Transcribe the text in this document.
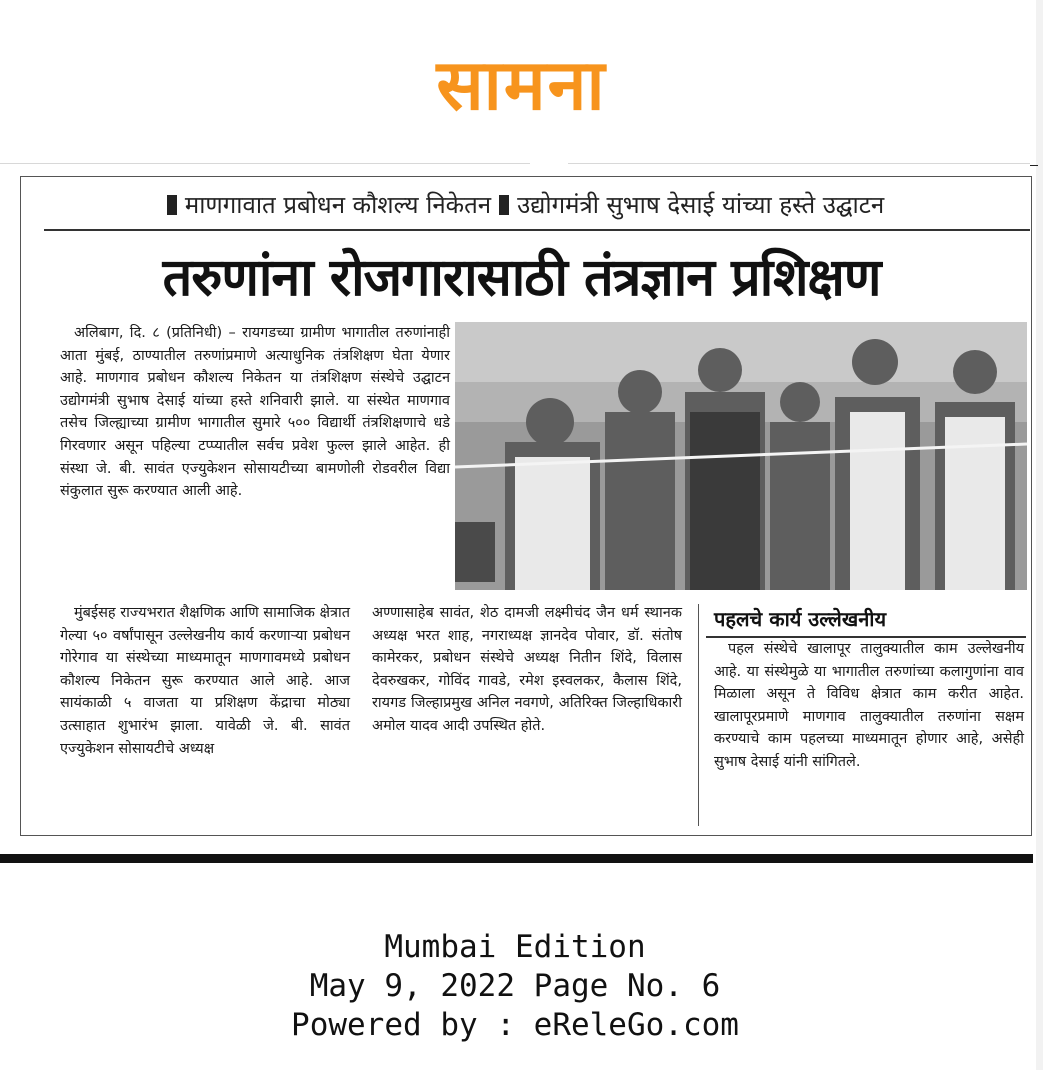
सामना
माणगावात प्रबोधन कौशल्य निकेतन उद्योगमंत्री सुभाष देसाई यांच्या हस्ते उद्घाटन
तरुणांना रोजगारासाठी तंत्रज्ञान प्रशिक्षण

अलिबाग, दि. ८ (प्रतिनिधी) – रायगडच्या ग्रामीण भागातील तरुणांनाही आता मुंबई, ठाण्यातील तरुणांप्रमाणे अत्याधुनिक तंत्रशिक्षण घेता येणार आहे. माणगाव प्रबोधन कौशल्य निकेतन या तंत्रशिक्षण संस्थेचे उद्घाटन उद्योगमंत्री सुभाष देसाई यांच्या हस्ते शनिवारी झाले. या संस्थेत माणगाव तसेच जिल्ह्याच्या ग्रामीण भागातील सुमारे ५०० विद्यार्थी तंत्रशिक्षणाचे धडे गिरवणार असून पहिल्या टप्प्यातील सर्वच प्रवेश फुल्ल झाले आहेत. ही संस्था जे. बी. सावंत एज्युकेशन सोसायटीच्या बामणोली रोडवरील विद्या संकुलात सुरू करण्यात आली आहे.

मुंबईसह राज्यभरात शैक्षणिक आणि सामाजिक क्षेत्रात गेल्या ५० वर्षांपासून उल्लेखनीय कार्य करणाऱ्या प्रबोधन गोरेगाव या संस्थेच्या माध्यमातून माणगावमध्ये प्रबोधन कौशल्य निकेतन सुरू करण्यात आले आहे. आज सायंकाळी ५ वाजता या प्रशिक्षण केंद्राचा मोठ्या उत्साहात शुभारंभ झाला. यावेळी जे. बी. सावंत एज्युकेशन सोसायटीचे अध्यक्ष

अण्णासाहेब सावंत, शेठ दामजी लक्ष्मीचंद जैन धर्म स्थानक अध्यक्ष भरत शाह, नगराध्यक्ष ज्ञानदेव पोवार, डॉ. संतोष कामेरकर, प्रबोधन संस्थेचे अध्यक्ष नितीन शिंदे, विलास देवरुखकर, गोविंद गावडे, रमेश इस्वलकर, कैलास शिंदे, रायगड जिल्हाप्रमुख अनिल नवगणे, अतिरिक्त जिल्हाधिकारी अमोल यादव आदी उपस्थित होते.

पहलचे कार्य उल्लेखनीय

पहल संस्थेचे खालापूर तालुक्यातील काम उल्लेखनीय आहे. या संस्थेमुळे या भागातील तरुणांच्या कलागुणांना वाव मिळाला असून ते विविध क्षेत्रात काम करीत आहेत. खालापूरप्रमाणे माणगाव तालुक्यातील तरुणांना सक्षम करण्याचे काम पहलच्या माध्यमातून होणार आहे, असेही सुभाष देसाई यांनी सांगितले.

Mumbai Edition
May 9, 2022 Page No. 6
Powered by : eReleGo.com
